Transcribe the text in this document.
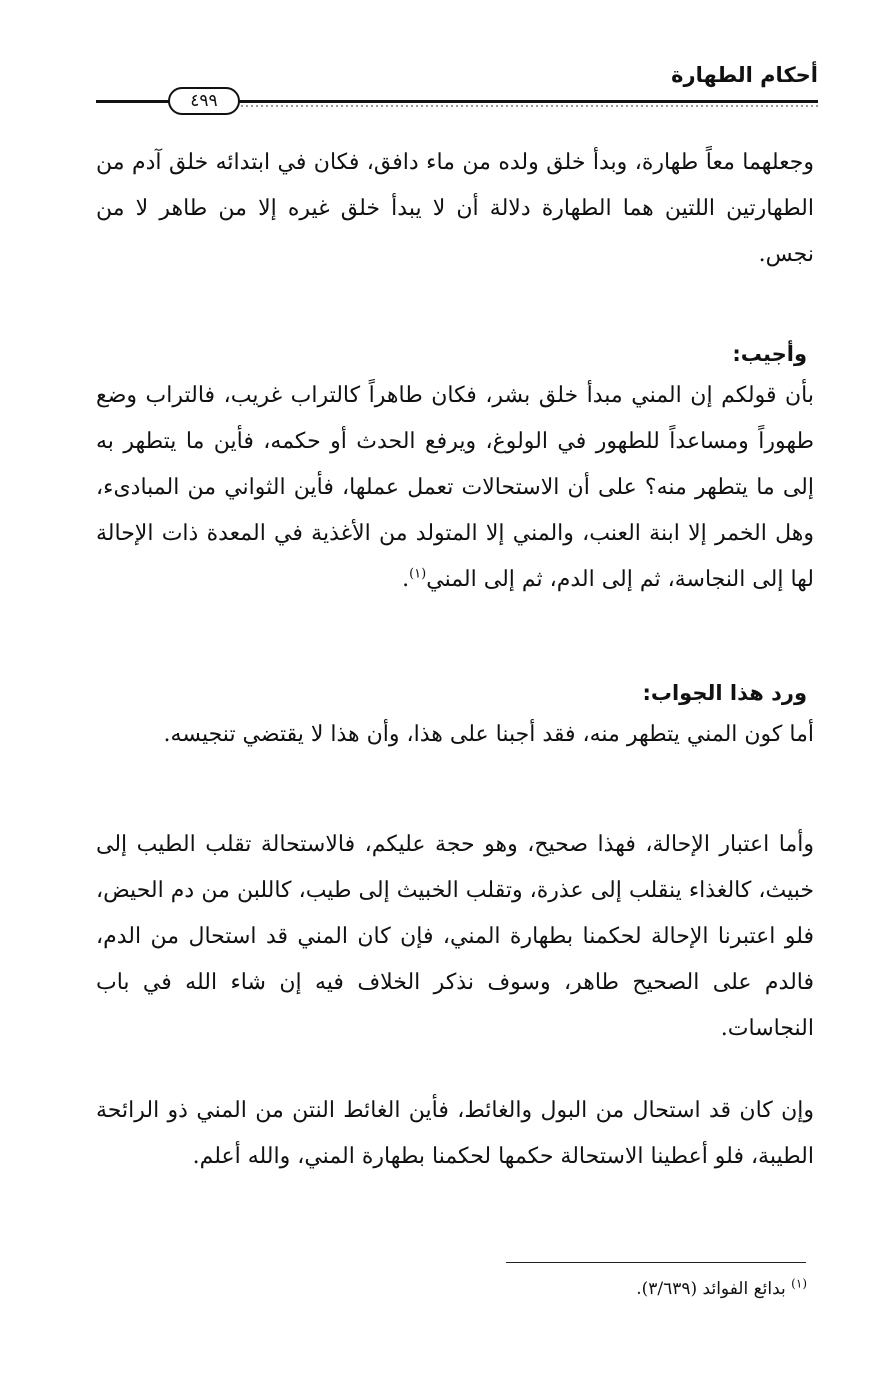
أحكام الطهارة
٤٩٩

وجعلهما معاً طهارة، وبدأ خلق ولده من ماء دافق، فكان في ابتدائه خلق آدم من الطهارتين اللتين هما الطهارة دلالة أن لا يبدأ خلق غيره إلا من طاهر لا من نجس.

وأجيب:

بأن قولكم إن المني مبدأ خلق بشر، فكان طاهراً كالتراب غريب، فالتراب وضع طهوراً ومساعداً للطهور في الولوغ، ويرفع الحدث أو حكمه، فأين ما يتطهر به إلى ما يتطهر منه؟ على أن الاستحالات تعمل عملها، فأين الثواني من المبادىء، وهل الخمر إلا ابنة العنب، والمني إلا المتولد من الأغذية في المعدة ذات الإحالة لها إلى النجاسة، ثم إلى الدم، ثم إلى المني$^{(١)}$.

ورد هذا الجواب:

أما كون المني يتطهر منه، فقد أجبنا على هذا، وأن هذا لا يقتضي تنجيسه.

وأما اعتبار الإحالة، فهذا صحيح، وهو حجة عليكم، فالاستحالة تقلب الطيب إلى خبيث، كالغذاء ينقلب إلى عذرة، وتقلب الخبيث إلى طيب، كاللبن من دم الحيض، فلو اعتبرنا الإحالة لحكمنا بطهارة المني، فإن كان المني قد استحال من الدم، فالدم على الصحيح طاهر، وسوف نذكر الخلاف فيه إن شاء الله في باب النجاسات.

وإن كان قد استحال من البول والغائط، فأين الغائط النتن من المني ذو الرائحة الطيبة، فلو أعطينا الاستحالة حكمها لحكمنا بطهارة المني، والله أعلم.

$^{(١)}$ بدائع الفوائد (٣/٦٣٩).
